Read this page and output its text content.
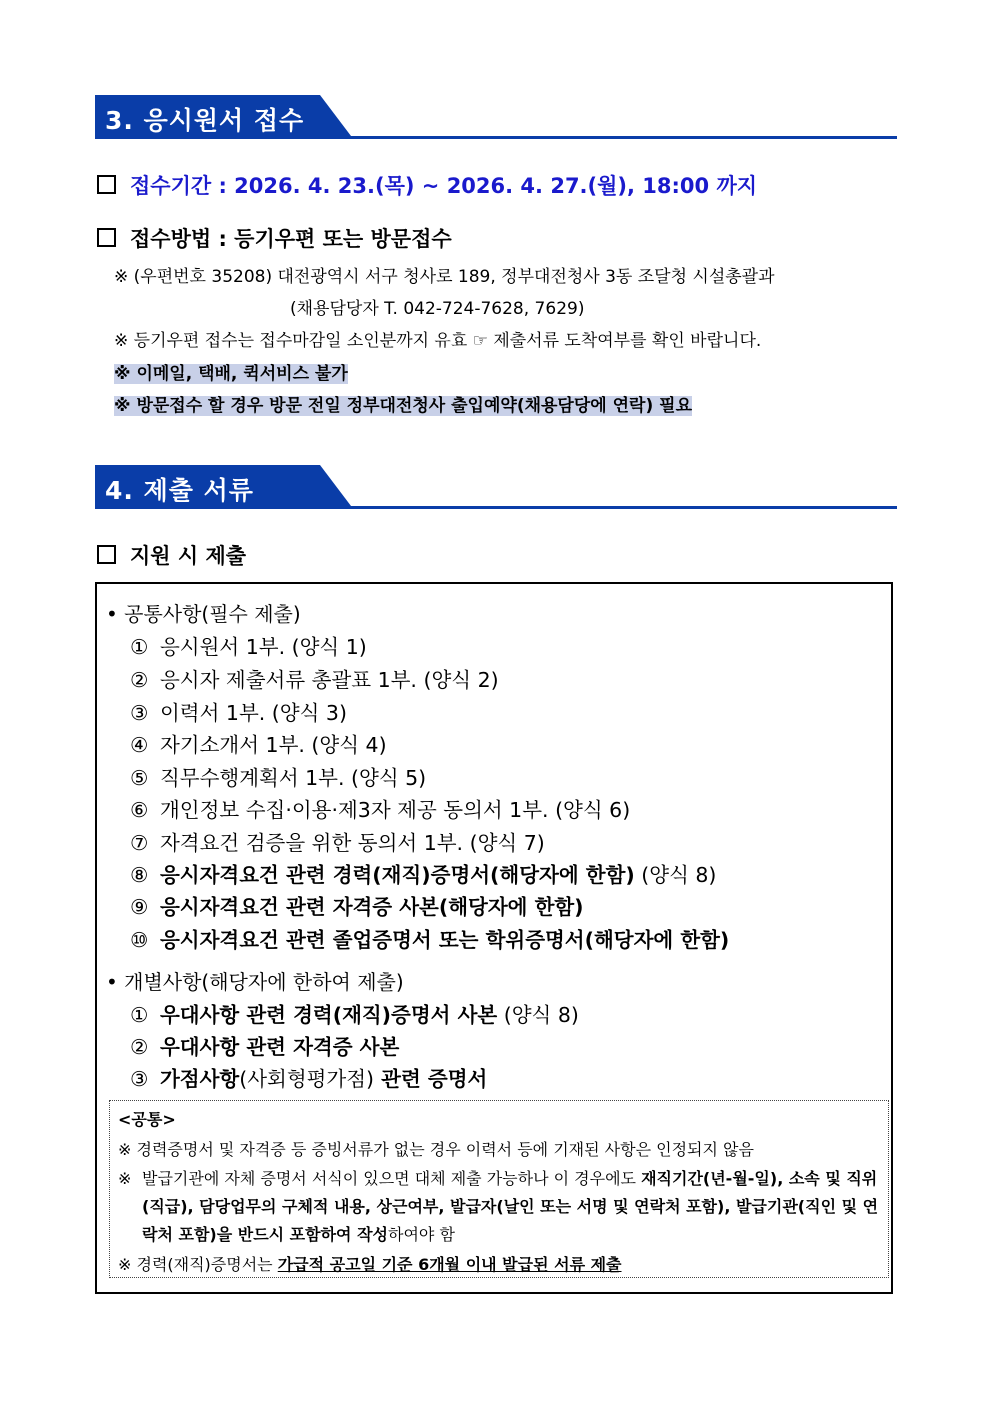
3. 응시원서 접수
접수기간 : 2026. 4. 23.(목) ~ 2026. 4. 27.(월), 18:00 까지
접수방법 : 등기우편 또는 방문접수
※ (우편번호 35208) 대전광역시 서구 청사로 189, 정부대전청사 3동 조달청 시설총괄과
(채용담당자 T. 042-724-7628, 7629)
※ 등기우편 접수는 접수마감일 소인분까지 유효 ☞ 제출서류 도착여부를 확인 바랍니다.
※ 이메일, 택배, 퀵서비스 불가
※ 방문접수 할 경우 방문 전일 정부대전청사 출입예약(채용담당에 연락) 필요
4. 제출 서류
지원 시 제출
• 공통사항(필수 제출)
① 응시원서 1부. (양식 1)
② 응시자 제출서류 총괄표 1부. (양식 2)
③ 이력서 1부. (양식 3)
④ 자기소개서 1부. (양식 4)
⑤ 직무수행계획서 1부. (양식 5)
⑥ 개인정보 수집·이용·제3자 제공 동의서 1부. (양식 6)
⑦ 자격요건 검증을 위한 동의서 1부. (양식 7)
⑧ 응시자격요건 관련 경력(재직)증명서(해당자에 한함) (양식 8)
⑨ 응시자격요건 관련 자격증 사본(해당자에 한함)
⑩ 응시자격요건 관련 졸업증명서 또는 학위증명서(해당자에 한함)
• 개별사항(해당자에 한하여 제출)
① 우대사항 관련 경력(재직)증명서 사본 (양식 8)
② 우대사항 관련 자격증 사본
③ 가점사항(사회형평가점) 관련 증명서
<공통>
※ 경력증명서 및 자격증 등 증빙서류가 없는 경우 이력서 등에 기재된 사항은 인정되지 않음
※ 발급기관에 자체 증명서 서식이 있으면 대체 제출 가능하나 이 경우에도 재직기간(년-월-일), 소속 및 직위(직급), 담당업무의 구체적 내용, 상근여부, 발급자(날인 또는 서명 및 연락처 포함), 발급기관(직인 및 연락처 포함)을 반드시 포함하여 작성하여야 함
※ 경력(재직)증명서는 가급적 공고일 기준 6개월 이내 발급된 서류 제출
